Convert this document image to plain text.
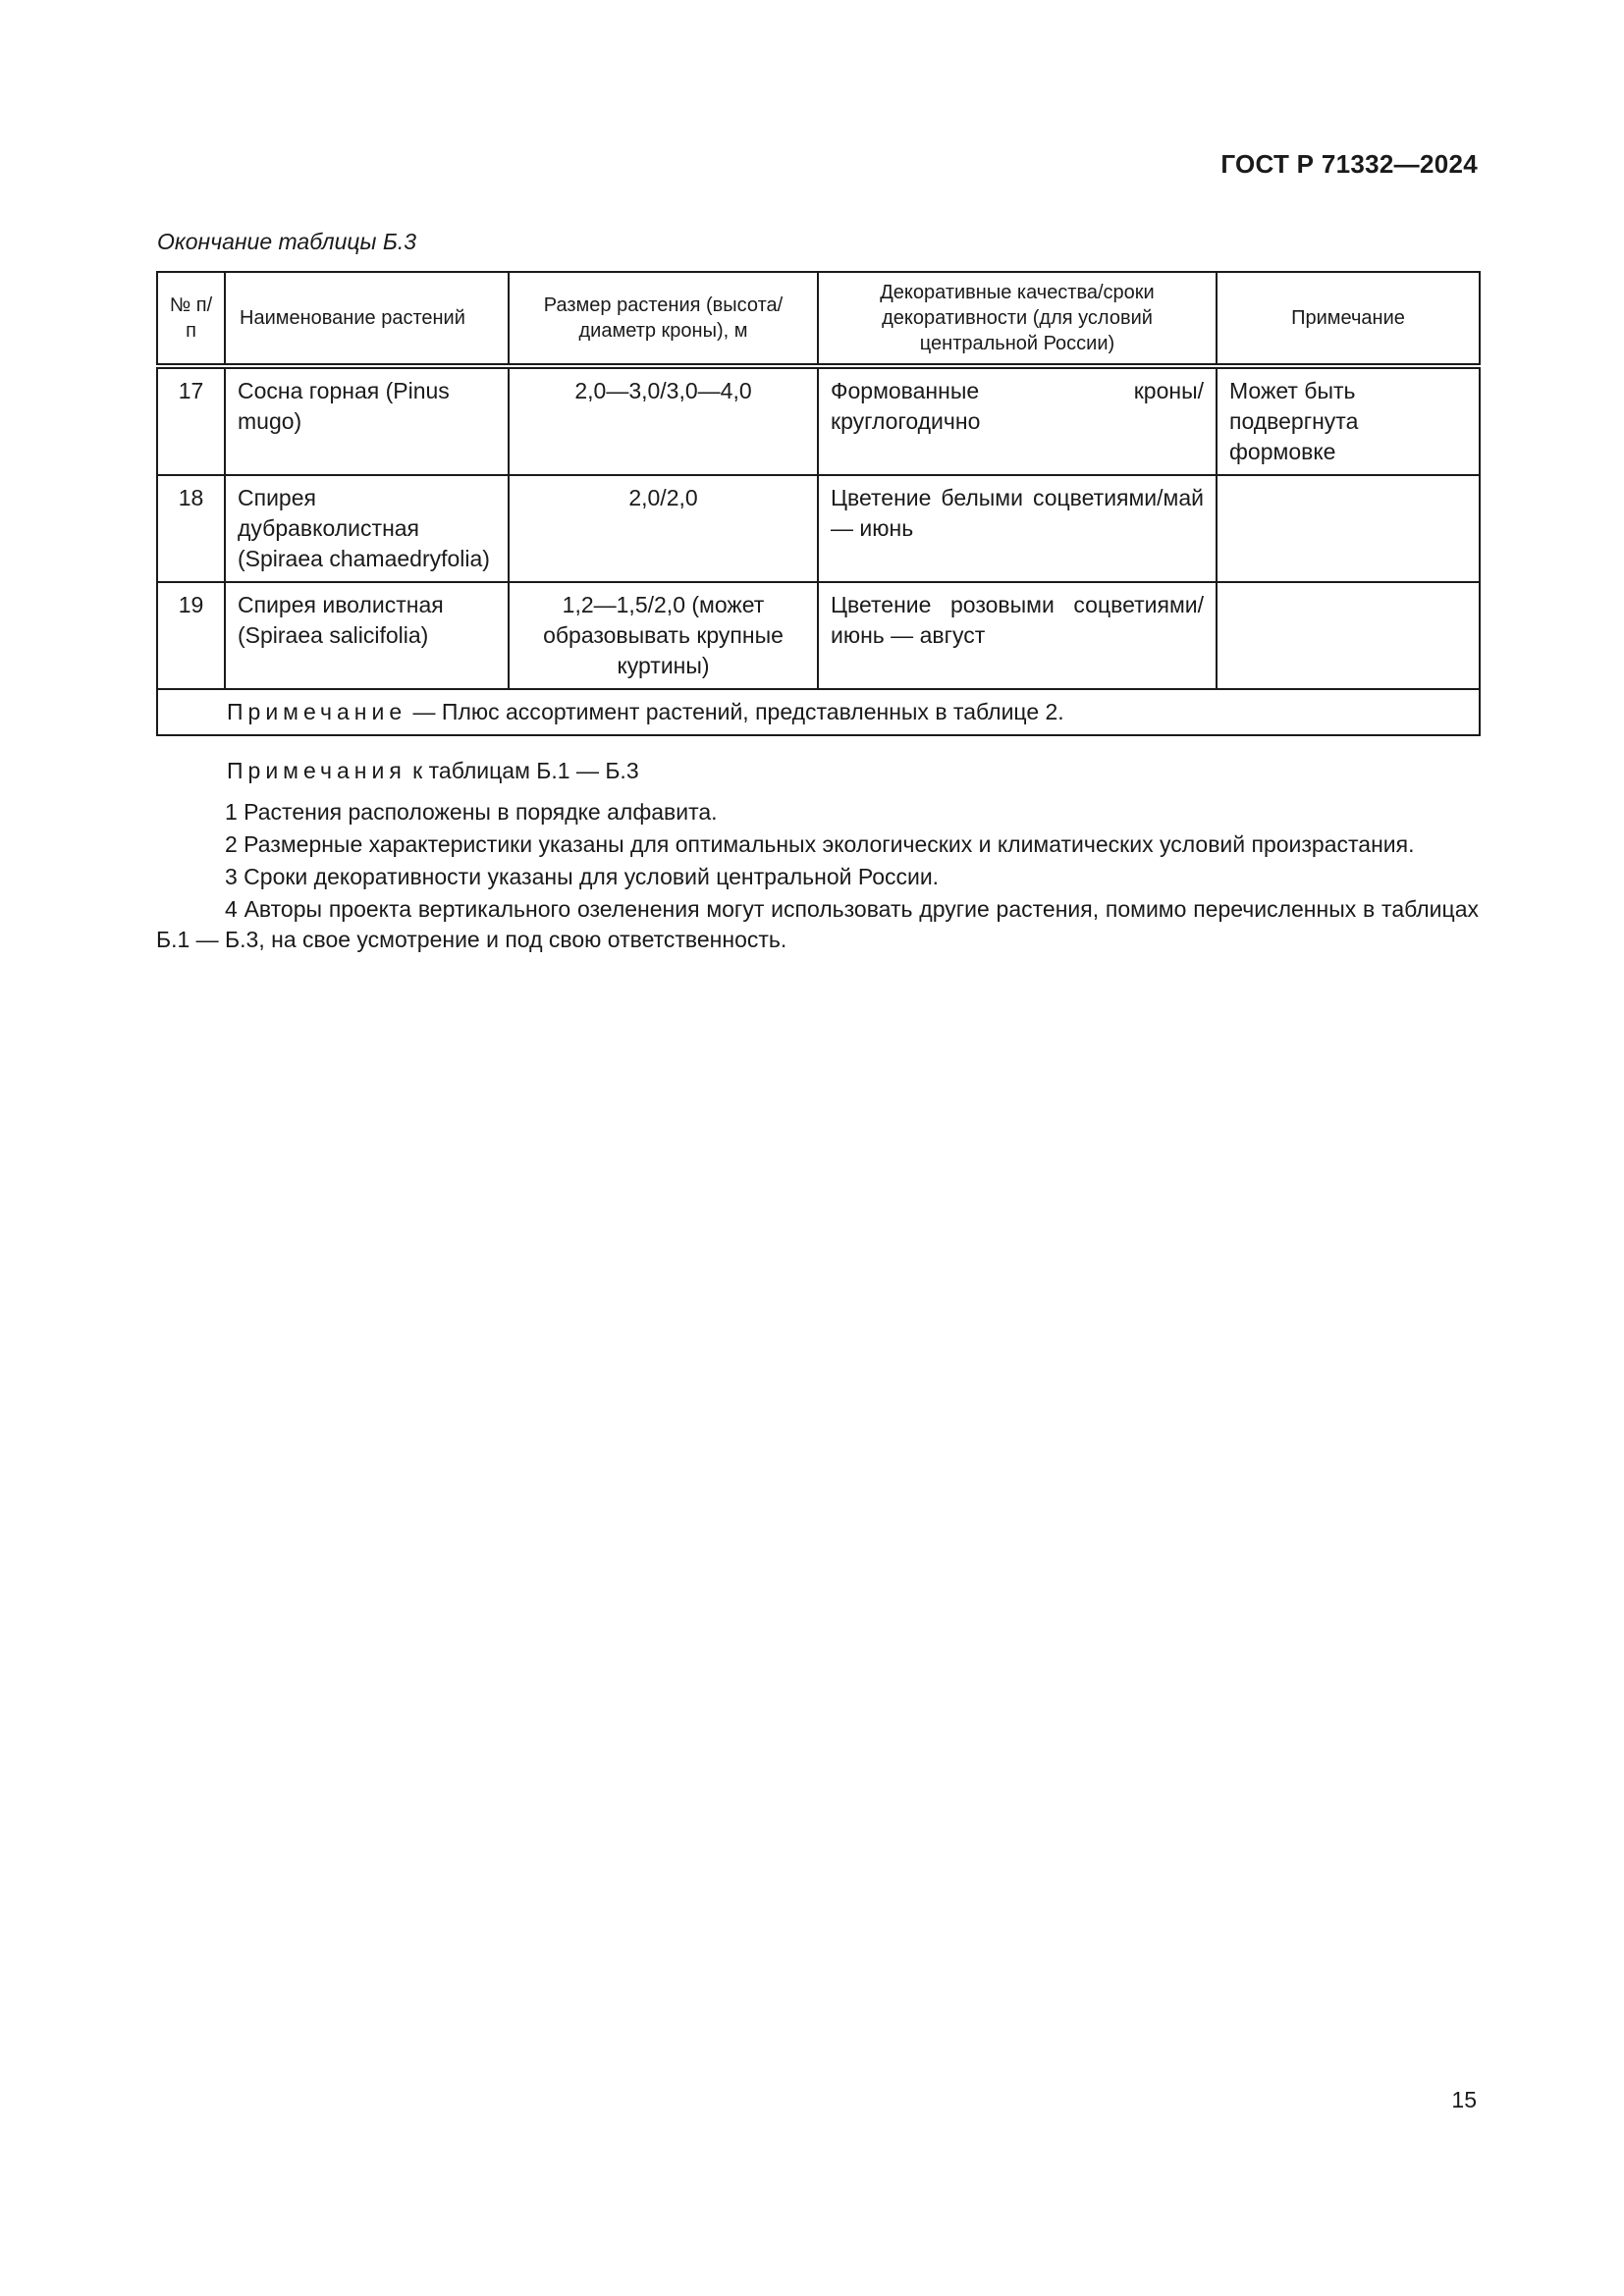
ГОСТ Р 71332—2024
Окончание таблицы Б.3
№ п/п	Наименование растений	Размер растения (высота/диаметр кроны), м	Декоративные качества/сроки декоративности (для условий центральной России)	Примечание
17	Сосна горная (Pinus mugo)	2,0—3,0/3,0—4,0	Формованные кроны/круглогодично	Может быть подвергнута формовке
18	Спирея дубравколистная (Spiraea chamaedryfolia)	2,0/2,0	Цветение белыми соцветиями/май — июнь	
19	Спирея иволистная (Spiraea salicifolia)	1,2—1,5/2,0 (может образовывать крупные куртины)	Цветение розовыми соцветиями/июнь — август	
Примечание — Плюс ассортимент растений, представленных в таблице 2.				
Примечания к таблицам Б.1 — Б.3
1 Растения расположены в порядке алфавита.
2 Размерные характеристики указаны для оптимальных экологических и климатических условий произрастания.
3 Сроки декоративности указаны для условий центральной России.
4 Авторы проекта вертикального озеленения могут использовать другие растения, помимо перечисленных в таблицах Б.1 — Б.3, на свое усмотрение и под свою ответственность.
15
